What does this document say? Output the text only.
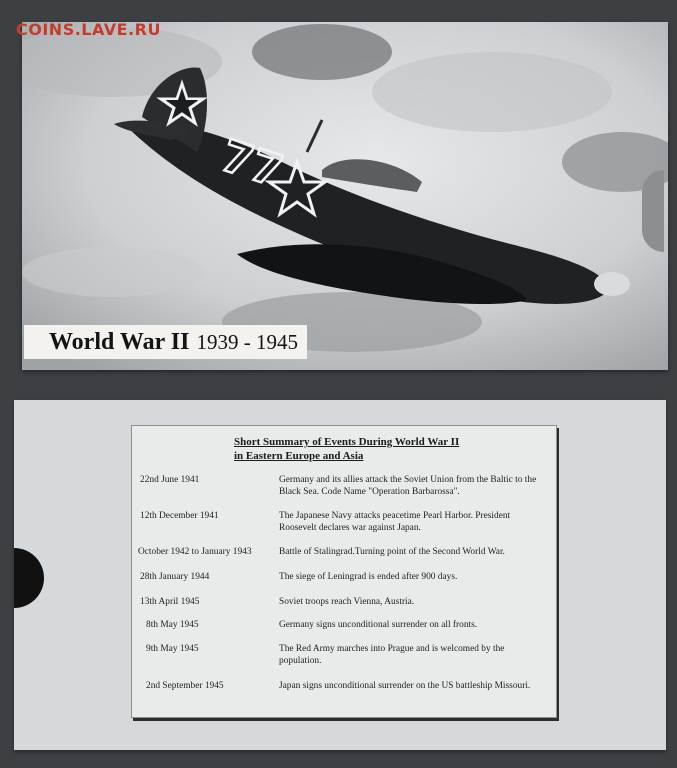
COINS.LAVE.RU
77
World War II 1939 - 1945
Short Summary of Events During World War II
in Eastern Europe and Asia
22nd June 1941	Germany and its allies attack the Soviet Union from the Baltic to the Black Sea. Code Name "Operation Barbarossa".
12th December 1941	The Japanese Navy attacks peacetime Pearl Harbor. President Roosevelt declares war against Japan.
October 1942 to January 1943	Battle of Stalingrad.Turning point of the Second World War.
28th January 1944	The siege of Leningrad is ended after 900 days.
13th April 1945	Soviet troops reach Vienna, Austria.
8th May 1945	Germany signs unconditional surrender on all fronts.
9th May 1945	The Red Army marches into Prague and is welcomed by the population.
2nd September 1945	Japan signs unconditional surrender on the US battleship Missouri.
